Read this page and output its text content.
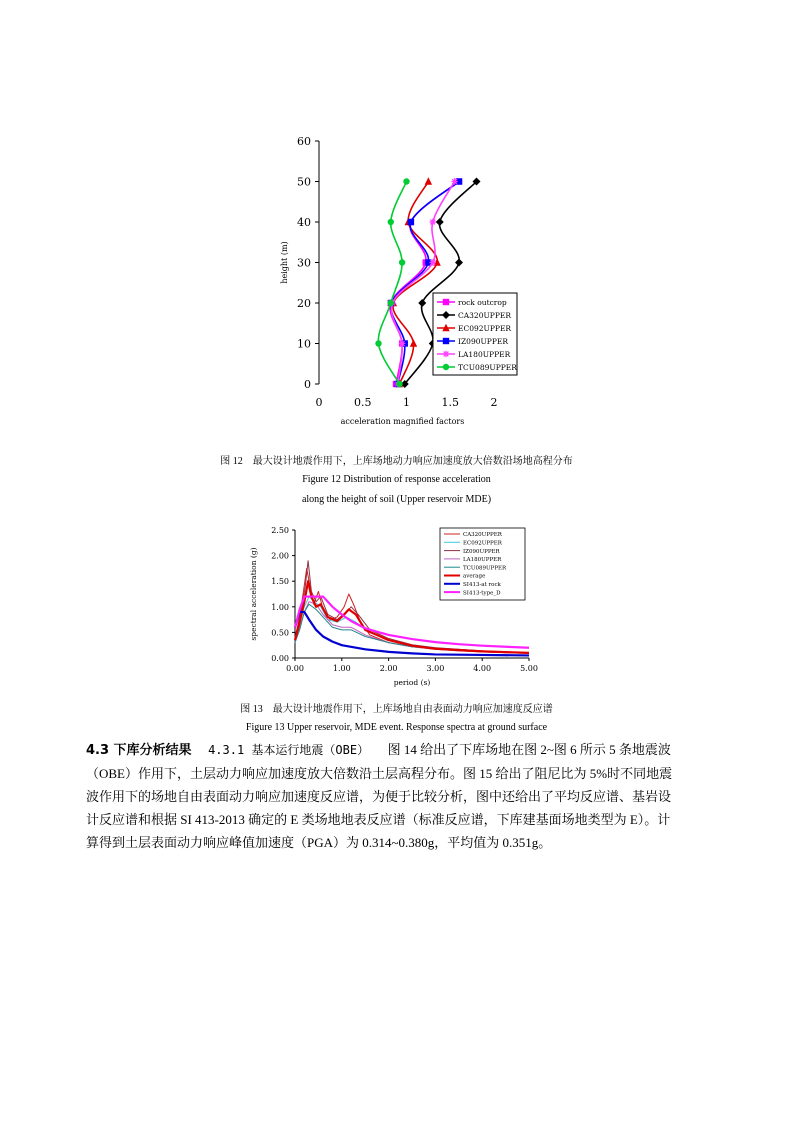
0
10
20
30
40
50
60
0	0.5	1	1.5	2
acceleration magnified factors
height (m)
rock outcrop
CA320UPPER
EC092UPPER
IZ090UPPER
LA180UPPER
TCU089UPPER
图 12　最大设计地震作用下，上库场地动力响应加速度放大倍数沿场地高程分布
Figure 12 Distribution of response acceleration
along the height of soil (Upper reservoir MDE)
0.00
0.50
1.00
1.50
2.00
2.50
0.00	1.00	2.00	3.00	4.00	5.00
period (s)
spectral acceleration (g)
CA320UPPER
EC092UPPER
IZ090UPPER
LA180UPPER
TCU089UPPER
average
SI413-at rock
SI413-type_D
图 13　最大设计地震作用下，上库场地自由表面动力响应加速度反应谱
Figure 13 Upper reservoir, MDE event. Response spectra at ground surface
4.3 下库分析结果 4.3.1 基本运行地震（OBE） 图 14 给出了下库场地在图 2~图 6 所示 5 条地震波
（OBE）作用下，土层动力响应加速度放大倍数沿土层高程分布。图 15 给出了阻尼比为 5%时不同地震
波作用下的场地自由表面动力响应加速度反应谱，为便于比较分析，图中还给出了平均反应谱、基岩设
计反应谱和根据 SI 413-2013 确定的 E 类场地地表反应谱（标准反应谱，下库建基面场地类型为 E）。计
算得到土层表面动力响应峰值加速度（PGA）为 0.314~0.380g，平均值为 0.351g。
